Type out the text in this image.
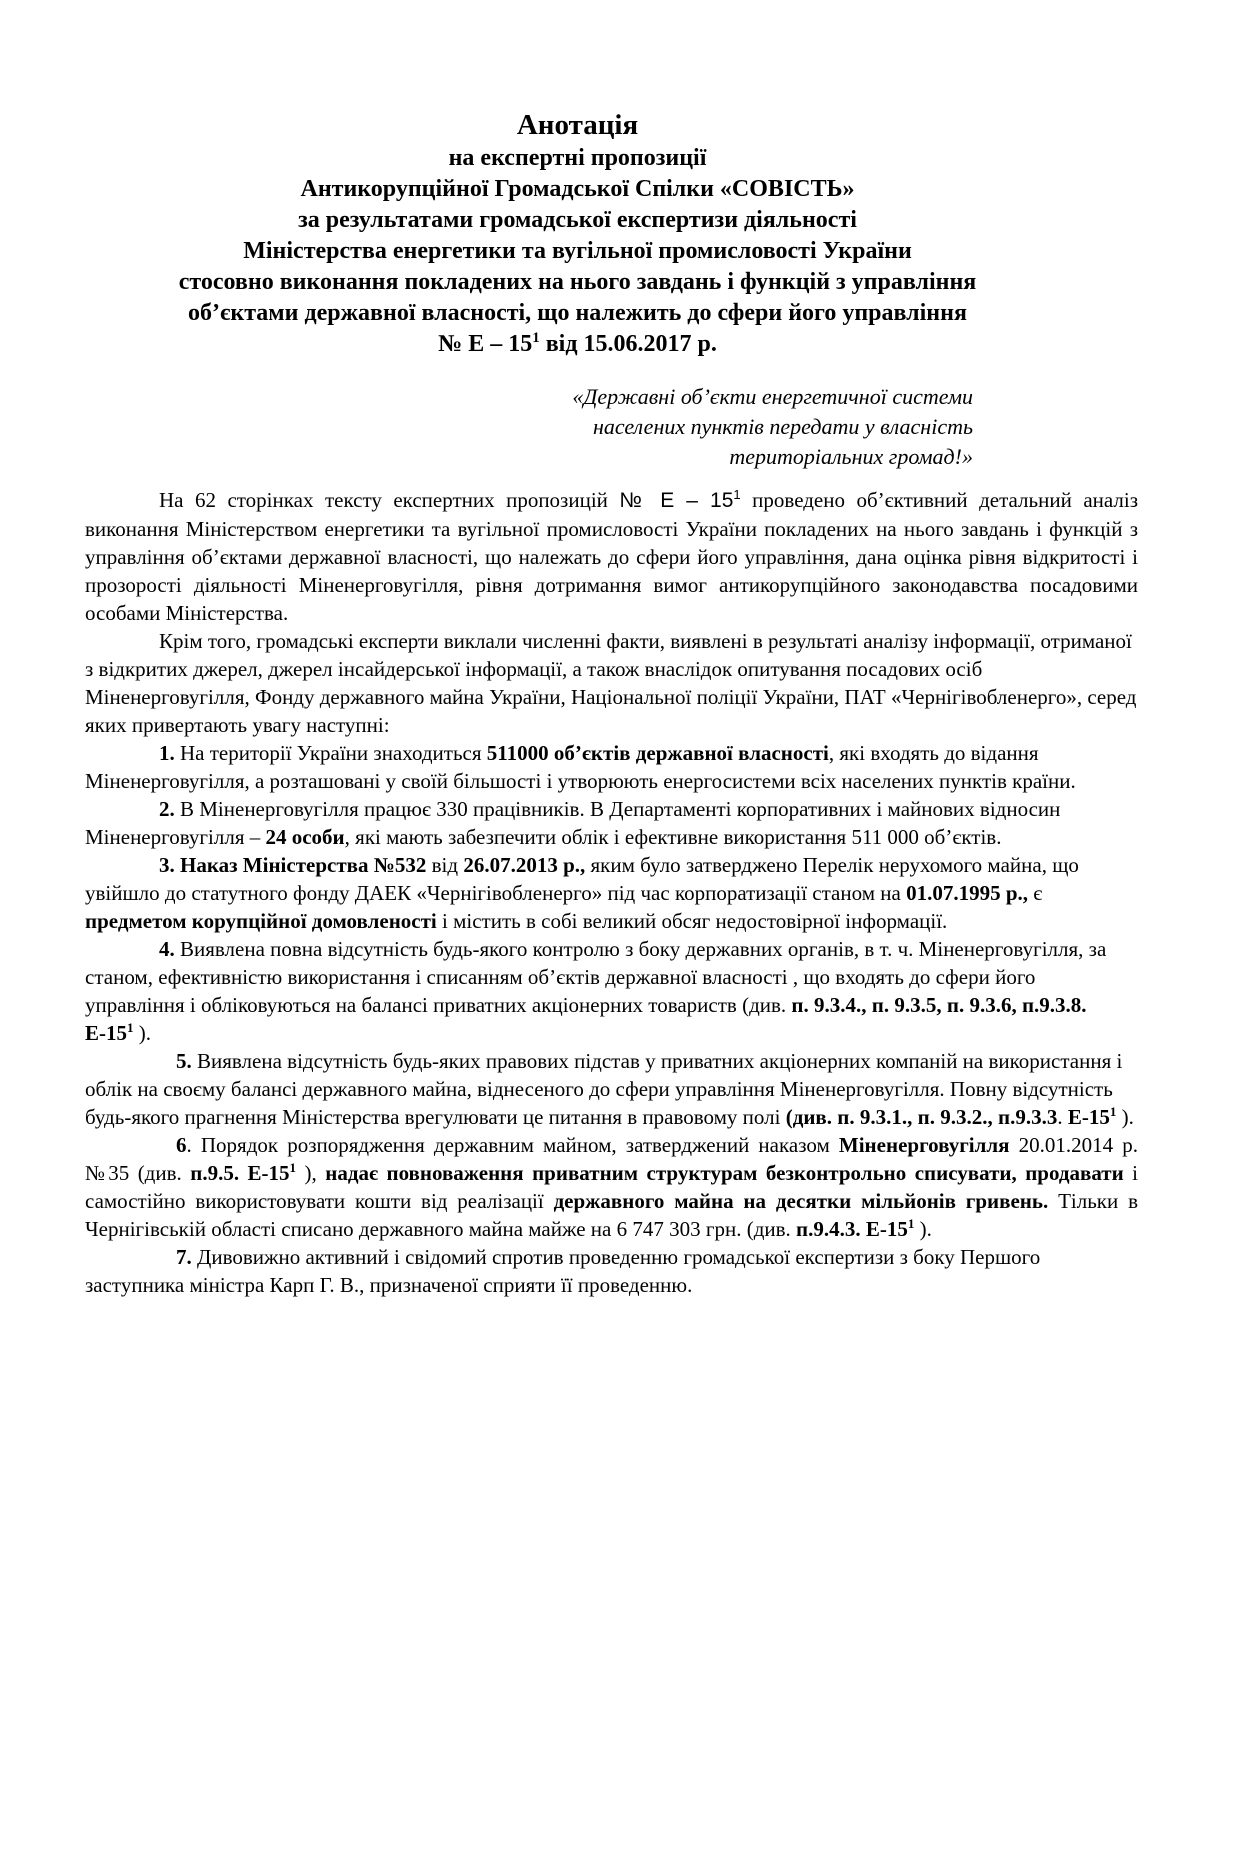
Анотація
на експертні пропозиції
Антикорупційної Громадської Спілки «СОВІСТЬ»
за результатами громадської експертизи діяльності
Міністерства енергетики та вугільної промисловості України
стосовно виконання покладених на нього завдань і функцій з управління
об’єктами державної власності, що належить до сфери його управління
№ Е – $15^1$ від 15.06.2017 р.
«Державні об’єкти енергетичної системи
населених пунктів передати у власність
територіальних громад!»

На 62 сторінках тексту експертних пропозицій № Е – $15^1$ проведено об’єктивний детальний аналіз виконання Міністерством енергетики та вугільної промисловості України покладених на нього завдань і функцій з управління об’єктами державної власності, що належать до сфери його управління, дана оцінка рівня відкритості і прозорості діяльності Міненерговугілля, рівня дотримання вимог антикорупційного законодавства посадовими особами Міністерства.

Крім того, громадські експерти виклали численні факти, виявлені в результаті аналізу інформації, отриманої з відкритих джерел, джерел інсайдерської інформації, а також внаслідок опитування посадових осіб Міненерговугілля, Фонду державного майна України, Національної поліції України, ПАТ «Чернігівобленерго», серед яких привертають увагу наступні:

1. На території України знаходиться 511000 об’єктів державної власності, які входять до відання Міненерговугілля, а розташовані у своїй більшості і утворюють енергосистеми всіх населених пунктів країни.

2. В Міненерговугілля працює 330 працівників. В Департаменті корпоративних і майнових відносин Міненерговугілля – 24 особи, які мають забезпечити облік і ефективне використання 511 000 об’єктів.

3. Наказ Міністерства №532 від 26.07.2013 р., яким було затверджено Перелік нерухомого майна, що увійшло до статутного фонду ДАЕК «Чернігівобленерго» під час корпоратизації станом на 01.07.1995 р., є предметом корупційної домовленості і містить в собі великий обсяг недостовірної інформації.

4. Виявлена повна відсутність будь-якого контролю з боку державних органів, в т. ч. Міненерговугілля, за станом, ефективністю використання і списанням об’єктів державної власності , що входять до сфери його управління і обліковуються на балансі приватних акціонерних товариств (див. п. 9.3.4., п. 9.3.5, п. 9.3.6, п.9.3.8. $Е-15^1$ ).

5. Виявлена відсутність будь-яких правових підстав у приватних акціонерних компаній на використання і облік на своєму балансі державного майна, віднесеного до сфери управління Міненерговугілля. Повну відсутність будь-якого прагнення Міністерства врегулювати це питання в правовому полі (див. п. 9.3.1., п. 9.3.2., п.9.3.3. $Е-15^1$ ).

6. Порядок розпорядження державним майном, затверджений наказом Міненерговугілля 20.01.2014 р. №35 (див. п.9.5. $Е-15^1$ ), надає повноваження приватним структурам безконтрольно списувати, продавати і самостійно використовувати кошти від реалізації державного майна на десятки мільйонів гривень. Тільки в Чернігівській області списано державного майна майже на 6 747 303 грн. (див. п.9.4.3. $Е-15^1$ ).

7. Дивовижно активний і свідомий спротив проведенню громадської експертизи з боку Першого заступника міністра Карп Г. В., призначеної сприяти її проведенню.
